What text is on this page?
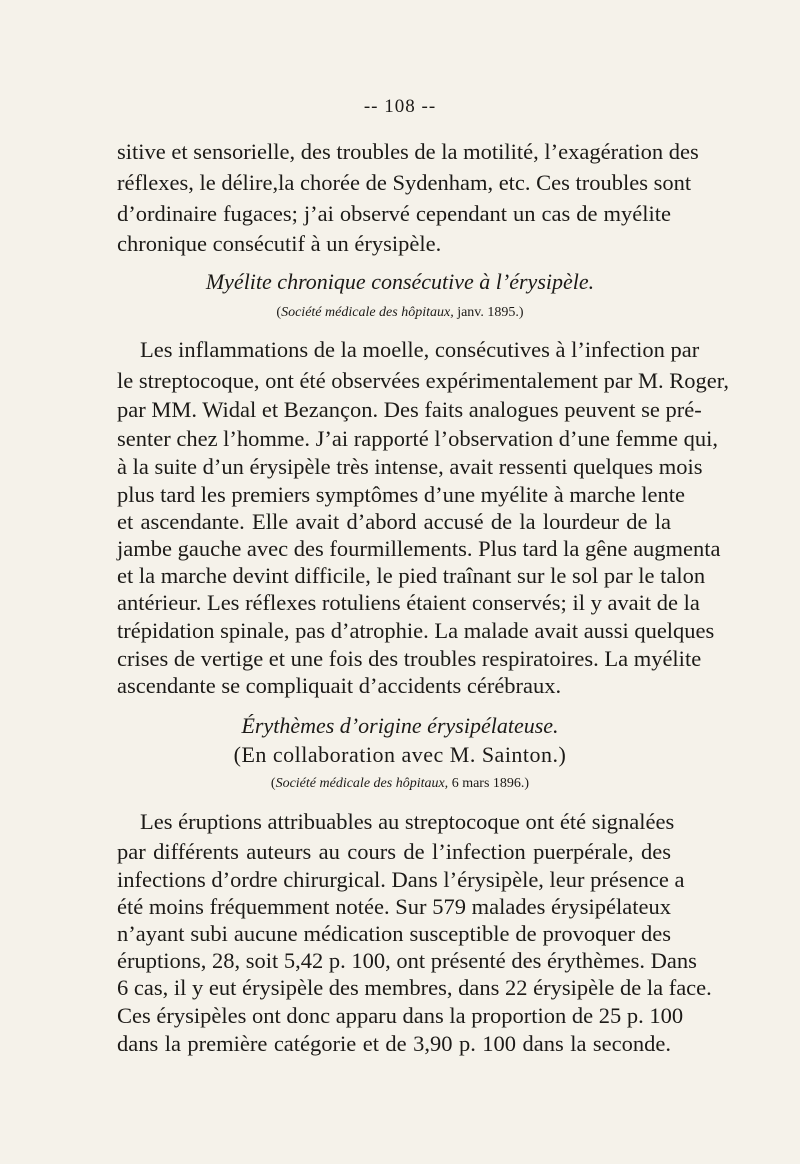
-- 108 --
sitive et sensorielle, des troubles de la motilité, l’exagération des
réflexes, le délire,la chorée de Sydenham, etc. Ces troubles sont
d’ordinaire fugaces; j’ai observé cependant un cas de myélite
chronique consécutif à un érysipèle.
Myélite chronique consécutive à l’érysipèle.
(Société médicale des hôpitaux, janv. 1895.)
Les inflammations de la moelle, consécutives à l’infection par
le streptocoque, ont été observées expérimentalement par M. Roger,
par MM. Widal et Bezançon. Des faits analogues peuvent se pré-
senter chez l’homme. J’ai rapporté l’observation d’une femme qui,
à la suite d’un érysipèle très intense, avait ressenti quelques mois
plus tard les premiers symptômes d’une myélite à marche lente
et ascendante. Elle avait d’abord accusé de la lourdeur de la
jambe gauche avec des fourmillements. Plus tard la gêne augmenta
et la marche devint difficile, le pied traînant sur le sol par le talon
antérieur. Les réflexes rotuliens étaient conservés; il y avait de la
trépidation spinale, pas d’atrophie. La malade avait aussi quelques
crises de vertige et une fois des troubles respiratoires. La myélite
ascendante se compliquait d’accidents cérébraux.
Érythèmes d’origine érysipélateuse.
(En collaboration avec M. Sainton.)
(Société médicale des hôpitaux, 6 mars 1896.)
Les éruptions attribuables au streptocoque ont été signalées
par différents auteurs au cours de l’infection puerpérale, des
infections d’ordre chirurgical. Dans l’érysipèle, leur présence a
été moins fréquemment notée. Sur 579 malades érysipélateux
n’ayant subi aucune médication susceptible de provoquer des
éruptions, 28, soit 5,42 p. 100, ont présenté des érythèmes. Dans
6 cas, il y eut érysipèle des membres, dans 22 érysipèle de la face.
Ces érysipèles ont donc apparu dans la proportion de 25 p. 100
dans la première catégorie et de 3,90 p. 100 dans la seconde.
